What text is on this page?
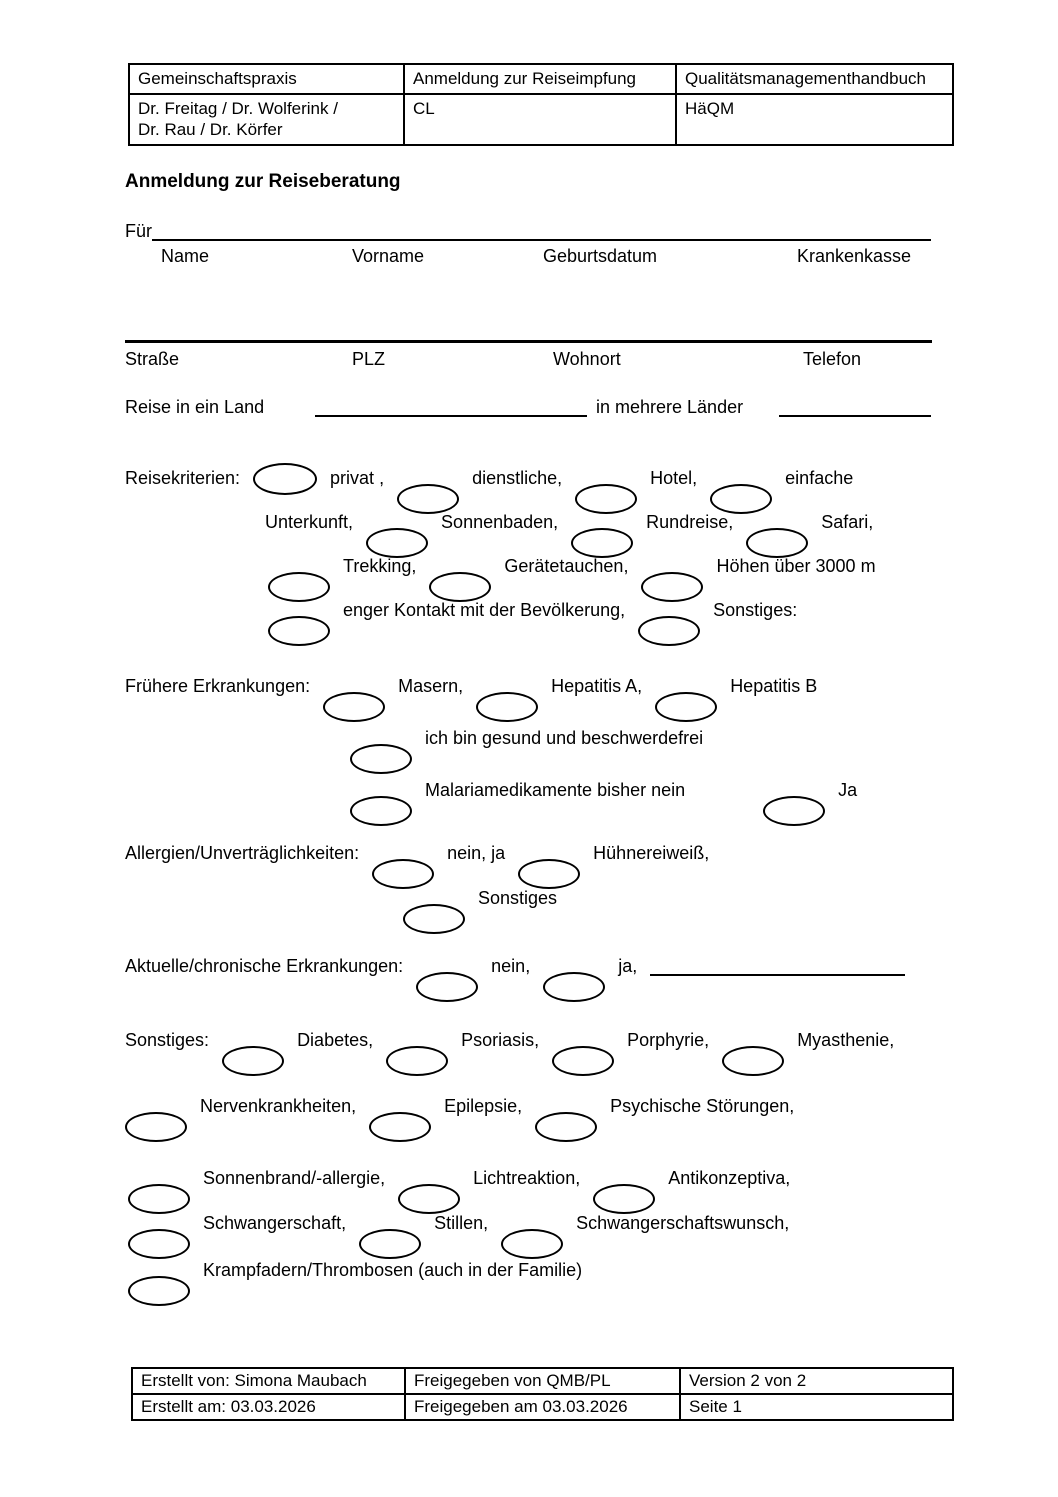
Gemeinschaftspraxis	Anmeldung zur Reiseimpfung	Qualitätsmanagementhandbuch
Dr. Freitag / Dr. Wolferink /
Dr. Rau / Dr. Körfer	CL	HäQM
Anmeldung zur Reiseberatung
Für
Name	Vorname	Geburtsdatum	Krankenkasse
Straße	PLZ	Wohnort	Telefon
Reise in ein Land	in mehrere Länder
Reisekriterien:	privat ,	dienstliche,	Hotel,	einfache
Unterkunft,	Sonnenbaden,	Rundreise,	Safari,
Trekking,	Gerätetauchen,	Höhen über 3000 m
enger Kontakt mit der Bevölkerung,	Sonstiges:
Frühere Erkrankungen:	Masern,	Hepatitis A,	Hepatitis B
ich bin gesund und beschwerdefrei
Malariamedikamente bisher nein	Ja
Allergien/Unverträglichkeiten:	nein, ja	Hühnereiweiß,
Sonstiges
Aktuelle/chronische Erkrankungen:	nein,	ja,
Sonstiges:	Diabetes,	Psoriasis,	Porphyrie,	Myasthenie,
Nervenkrankheiten,	Epilepsie,	Psychische Störungen,
Sonnenbrand/-allergie,	Lichtreaktion,	Antikonzeptiva,
Schwangerschaft,	Stillen,	Schwangerschaftswunsch,
Krampfadern/Thrombosen (auch in der Familie)
Erstellt von: Simona Maubach	Freigegeben von QMB/PL	Version 2 von 2
Erstellt am: 03.03.2026	Freigegeben am 03.03.2026	Seite 1
